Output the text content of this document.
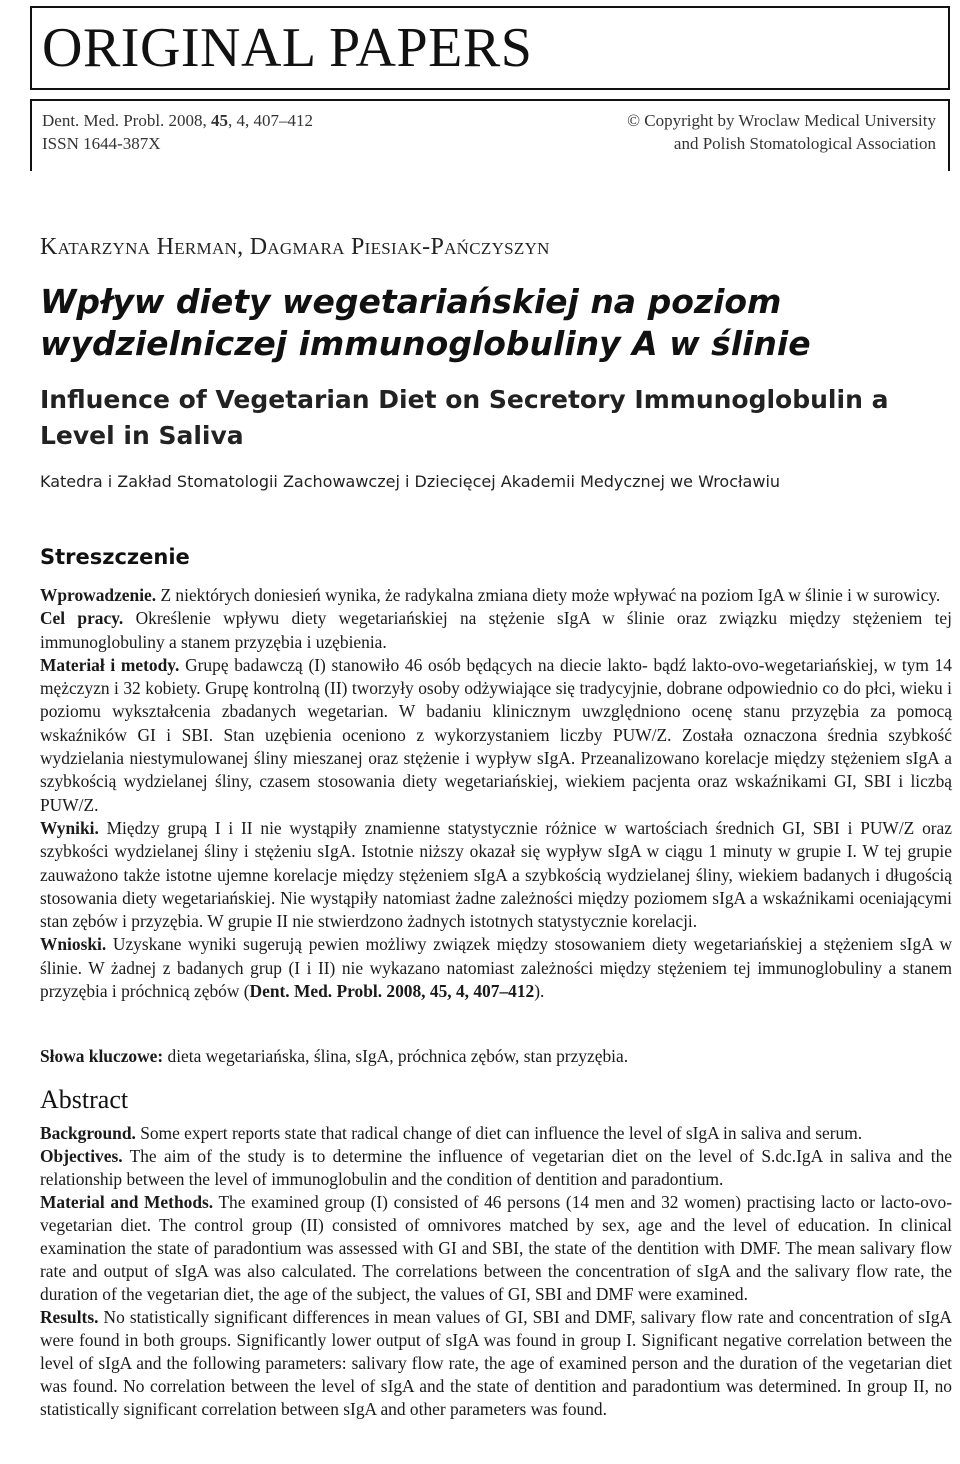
ORIGINAL PAPERS
Dent. Med. Probl. 2008, 45, 4, 407–412
ISSN 1644-387X
© Copyright by Wroclaw Medical University
and Polish Stomatological Association
Katarzyna Herman, Dagmara Piesiak-Pańczyszyn
Wpływ diety wegetariańskiej na poziom wydzielniczej immunoglobuliny A w ślinie
Influence of Vegetarian Diet on Secretory Immunoglobulin a Level in Saliva
Katedra i Zakład Stomatologii Zachowawczej i Dziecięcej Akademii Medycznej we Wrocławiu
Streszczenie

Wprowadzenie. Z niektórych doniesień wynika, że radykalna zmiana diety może wpływać na poziom IgA w ślinie i w surowicy.

Cel pracy. Określenie wpływu diety wegetariańskiej na stężenie sIgA w ślinie oraz związku między stężeniem tej immunoglobuliny a stanem przyzębia i uzębienia.

Materiał i metody. Grupę badawczą (I) stanowiło 46 osób będących na diecie lakto- bądź lakto-ovo-wegetariańskiej, w tym 14 mężczyzn i 32 kobiety. Grupę kontrolną (II) tworzyły osoby odżywiające się tradycyjnie, dobrane odpowiednio co do płci, wieku i poziomu wykształcenia zbadanych wegetarian. W badaniu klinicznym uwzględniono ocenę stanu przyzębia za pomocą wskaźników GI i SBI. Stan uzębienia oceniono z wykorzystaniem liczby PUW/Z. Została oznaczona średnia szybkość wydzielania niestymulowanej śliny mieszanej oraz stężenie i wypływ sIgA. Przeanalizowano korelacje między stężeniem sIgA a szybkością wydzielanej śliny, czasem stosowania diety wegetariańskiej, wiekiem pacjenta oraz wskaźnikami GI, SBI i liczbą PUW/Z.

Wyniki. Między grupą I i II nie wystąpiły znamienne statystycznie różnice w wartościach średnich GI, SBI i PUW/Z oraz szybkości wydzielanej śliny i stężeniu sIgA. Istotnie niższy okazał się wypływ sIgA w ciągu 1 minuty w grupie I. W tej grupie zauważono także istotne ujemne korelacje między stężeniem sIgA a szybkością wydzielanej śliny, wiekiem badanych i długością stosowania diety wegetariańskiej. Nie wystąpiły natomiast żadne zależności między poziomem sIgA a wskaźnikami oceniającymi stan zębów i przyzębia. W grupie II nie stwierdzono żadnych istotnych statystycznie korelacji.

Wnioski. Uzyskane wyniki sugerują pewien możliwy związek między stosowaniem diety wegetariańskiej a stężeniem sIgA w ślinie. W żadnej z badanych grup (I i II) nie wykazano natomiast zależności między stężeniem tej immunoglobuliny a stanem przyzębia i próchnicą zębów (Dent. Med. Probl. 2008, 45, 4, 407–412).

Słowa kluczowe: dieta wegetariańska, ślina, sIgA, próchnica zębów, stan przyzębia.
Abstract

Background. Some expert reports state that radical change of diet can influence the level of sIgA in saliva and serum.

Objectives. The aim of the study is to determine the influence of vegetarian diet on the level of S.dc.IgA in saliva and the relationship between the level of immunoglobulin and the condition of dentition and paradontium.

Material and Methods. The examined group (I) consisted of 46 persons (14 men and 32 women) practising lacto or lacto-ovo-vegetarian diet. The control group (II) consisted of omnivores matched by sex, age and the level of education. In clinical examination the state of paradontium was assessed with GI and SBI, the state of the dentition with DMF. The mean salivary flow rate and output of sIgA was also calculated. The correlations between the concentration of sIgA and the salivary flow rate, the duration of the vegetarian diet, the age of the subject, the values of GI, SBI and DMF were examined.

Results. No statistically significant differences in mean values of GI, SBI and DMF, salivary flow rate and concentration of sIgA were found in both groups. Significantly lower output of sIgA was found in group I. Significant negative correlation between the level of sIgA and the following parameters: salivary flow rate, the age of examined person and the duration of the vegetarian diet was found. No correlation between the level of sIgA and the state of dentition and paradontium was determined. In group II, no statistically significant correlation between sIgA and other parameters was found.
